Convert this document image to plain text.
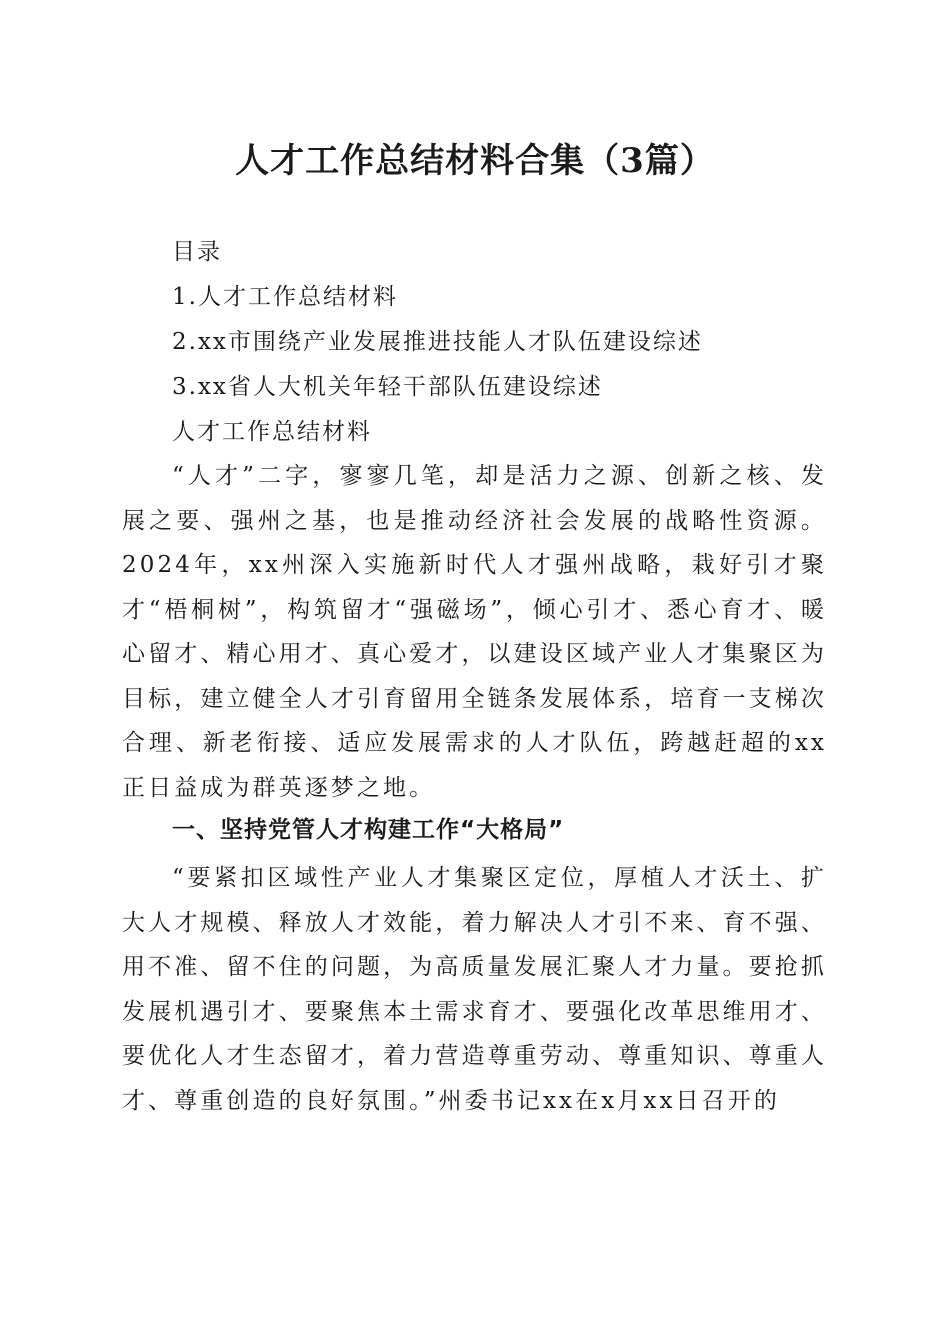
人才工作总结材料合集（3篇）
目录
1.人才工作总结材料
2.xx市围绕产业发展推进技能人才队伍建设综述
3.xx省人大机关年轻干部队伍建设综述
人才工作总结材料
“人才”二字，寥寥几笔，却是活力之源、创新之核、发展之要、强州之基，也是推动经济社会发展的战略性资源。2024年，xx州深入实施新时代人才强州战略，栽好引才聚才“梧桐树”，构筑留才“强磁场”，倾心引才、悉心育才、暖心留才、精心用才、真心爱才，以建设区域产业人才集聚区为目标，建立健全人才引育留用全链条发展体系，培育一支梯次合理、新老衔接、适应发展需求的人才队伍，跨越赶超的xx正日益成为群英逐梦之地。
一、坚持党管人才构建工作“大格局”
“要紧扣区域性产业人才集聚区定位，厚植人才沃土、扩大人才规模、释放人才效能，着力解决人才引不来、育不强、用不准、留不住的问题，为高质量发展汇聚人才力量。要抢抓发展机遇引才、要聚焦本土需求育才、要强化改革思维用才、要优化人才生态留才，着力营造尊重劳动、尊重知识、尊重人才、尊重创造的良好氛围。”州委书记xx在x月xx日召开的
